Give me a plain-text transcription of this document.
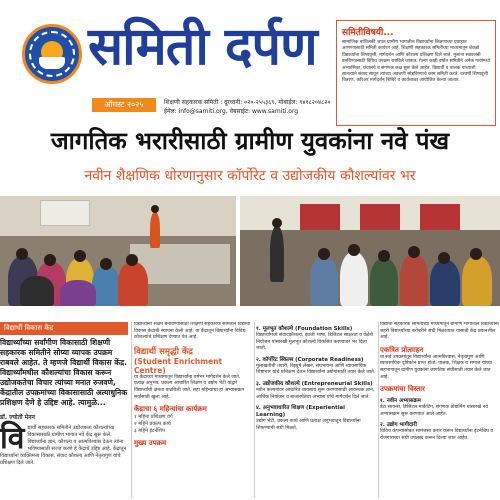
समिती दर्पण
ऑगस्ट २०२५	शिक्षणी सहकारक समिती : दूरध्वनी: ०२०-२५५३६९, मोबाईल: ९४१८२०४८२०
ईमेल: info@samiti.org, वेबसाईट: www.samiti.org
समितीविषयी...
सामाजिक बांधिलकी जपत ग्रामीण भागातील विद्यार्थ्यांना शिक्षणाच्या प्रवाहात आणण्यासाठी समिती कार्यरत आहे. शिक्षणी सहकारक समितीच्या माध्यमातून शेकडो विद्यार्थ्यांना शिष्यवृत्ती, मार्गदर्शन आणि कौशल्य प्रशिक्षण दिले जाते. मुलांना स्वावलंबी बनविण्यासाठी विविध उपक्रम राबविले जातात. गेल्या काही वर्षांत समितीने अनेक गावांमध्ये अभ्यासिका, ग्रंथालये व संगणक कक्ष सुरू केले आहेत. विद्यार्थी व पालक यांच्याशी सातत्याने संवाद साधून त्यांच्या अडचणी सोडविण्याचे काम समिती करते. दरवर्षी शिष्यवृत्ती वितरण, करिअर मार्गदर्शन शिबिरे व कार्यशाळा आयोजित केल्या जातात.
जागतिक भरारीसाठी ग्रामीण युवकांना नवे पंख
नवीन शैक्षणिक धोरणानुसार कॉर्पोरेट व उद्योजकीय कौशल्यांवर भर
विद्यार्थी विकास केंद्र
विद्यार्थ्यांच्या सर्वांगीण विकासाठी शिक्षणी सहकारक समितीने सोप्या व्यापक उपक्रम राबवले आहेत. ते म्हणजे विद्यार्थी विकास केंद्र. विद्यार्थ्यांमधील कौशल्यांचा विकास करून उद्योजकतेचा विचार त्यांच्या मनात रुजवणे, केंद्रातील उपक्रमांच्या विकासासाठी अत्याधुनिक प्रशिक्षण देणे हे उद्दिष्ट आहे. त्यामुळे...
डॉ. ज्योती मेनन
वि द्यार्थी सहकारक समितीने उद्योजकता कौशल्यांच्या विकासासाठी ग्रामीण भागात नवे केंद्र सुरू केले. विद्यार्थ्यांना ज्ञान, कौशल्य व आत्मविश्वास देऊन त्यांना भविष्यासाठी सज्ज करणे हे केंद्राचे उद्दिष्ट आहे. केंद्रातून विद्यार्थ्यांना व्यक्तिमत्त्व विकास, संवाद कौशल्य आणि नेतृत्वगुण यांचे प्रशिक्षण दिले जाते.
विद्यार्थ्यांना सक्षम बनविण्यासाठी शिक्षणी सहकारक समितीने विद्यार्थी विकास केंद्राची स्थापना केली आहे. या केंद्रातून विद्यार्थ्यांना विविध कौशल्यांचे प्रशिक्षण देण्यात येत आहे.
विद्यार्थी समृद्धी केंद्र
(Student Enrichment Centre)
या केंद्राच्या माध्यमातून विद्यार्थ्यांना वर्षभर मार्गदर्शन केले जाते. प्रत्यक्ष अनुभव, प्रकल्प आधारित शिक्षण व उद्योग भेटी यांद्वारे विद्यार्थ्यांची क्षमता वाढविली जाते. सहा महिन्यांचा हा अभ्यासक्रम सर्वांसाठी खुला आहे.
केंद्राचा ६ महिन्यांचा कार्यक्रम
१ महिना प्रशिक्षण वर्ग
२ महिने प्रकल्प कार्य
३ महिने इंटर्नशिप
मुख्य उपक्रम
१. मूलभूत कौशल्ये (Foundation Skills)
विद्यार्थ्यांमध्ये संवादकौशल्य, इंग्रजी भाषा, डिजिटल साक्षरता व वेळेचे नियोजन यांसारखी मूलभूत कौशल्ये विकसित करण्यावर भर दिला जातो.
२. कॉर्पोरेट स्किल्स (Corporate Readiness)
मुलाखतीची तयारी, रिझ्युमे लेखन, संघभावना आणि व्यावसायिक शिष्टाचार यांचे प्रशिक्षण देऊन विद्यार्थ्यांना उद्योगांसाठी तयार केले जाते.
३. उद्योजकीय कौशल्ये (Entrepreneurial Skills)
नवीन कल्पनांवर आधारित व्यवसाय सुरू करण्यासाठी आवश्यक ज्ञान, आर्थिक नियोजन व बाजारपेठेचा अभ्यास यांचे मार्गदर्शन दिले जाते.
४. अनुभवाधारित शिक्षण (Experiential Learning)
उद्योग भेटी, प्रकल्प कार्य आणि प्रत्यक्ष अनुभवातून विद्यार्थ्यांना शिकण्याची संधी मिळते.
विद्यार्थी सहकारक समितीच्या माध्यमातून ग्रामीण भागातील विद्यार्थ्यांना शहरी विद्यार्थ्यांच्या बरोबरीने संधी मिळाव्यात यासाठी केंद्र प्रयत्नशील आहे.
एकत्रित प्रोत्साहन
या सर्व उपक्रमांतून विद्यार्थ्यांना आत्मविश्वास, नेतृत्वगुण आणि व्यावसायिक दृष्टिकोन प्राप्त होतो. पालक, शिक्षक व समाज यांच्या सहभागातून ग्रामीण युवकांना जागतिक संधींसाठी तयार केले जात आहे.
उपक्रमांचा विस्तार
१. नवीन अभ्यासक्रम
डेटा सायन्स, डिजिटल मार्केटिंग, संगणक प्रोग्रामिंग यांसारखे नवे अभ्यासक्रम सुरू करण्यात आले आहेत.
२. उद्योग भागीदारी
विविध कंपन्यांसोबत सामंजस्य करार करून विद्यार्थ्यांना इंटर्नशिप व रोजगाराच्या संधी उपलब्ध करून दिल्या जात आहेत.
